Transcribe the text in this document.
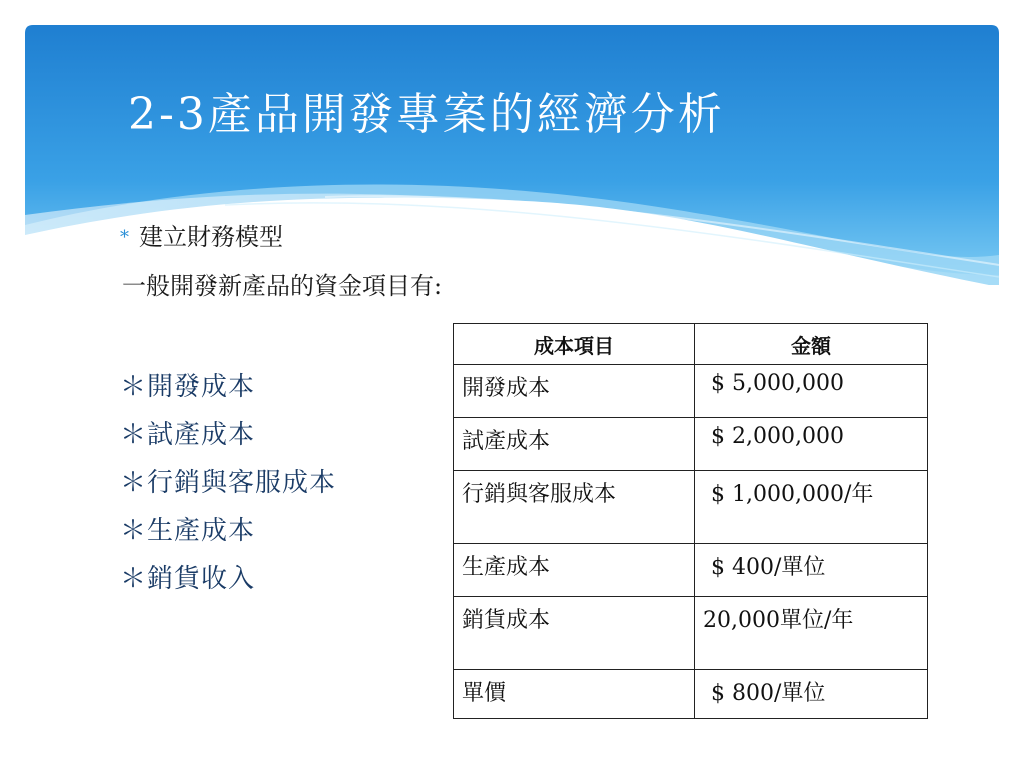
2-3產品開發專案的經濟分析
* 建立財務模型
一般開發新產品的資金項目有:
＊開發成本
＊試產成本
＊行銷與客服成本
＊生產成本
＊銷貨收入
成本項目	金額
開發成本	$ 5,000,000
試產成本	$ 2,000,000
行銷與客服成本	$ 1,000,000/年
生產成本	$ 400/單位
銷貨成本	20,000單位/年
單價	$ 800/單位
